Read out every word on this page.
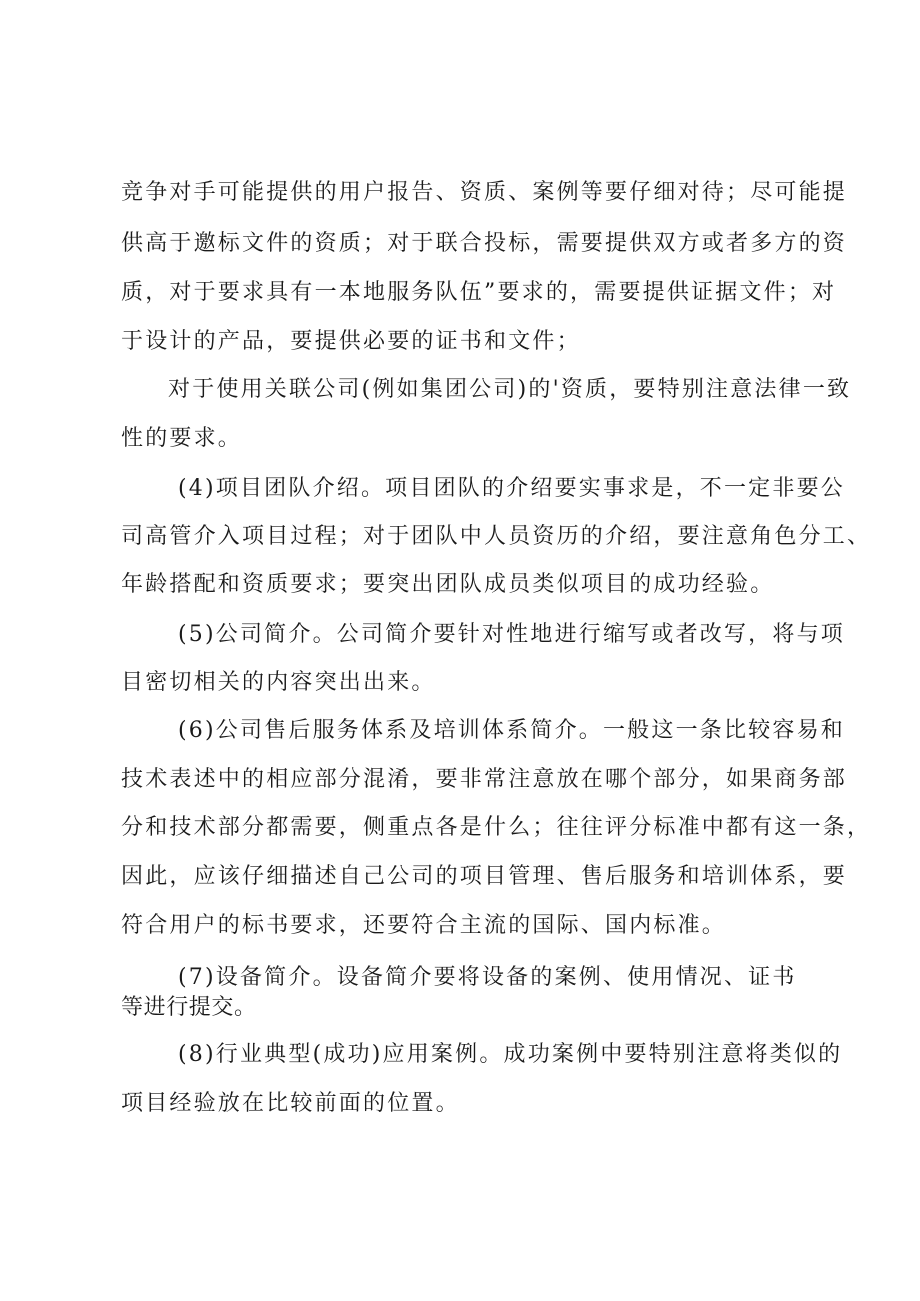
竞争对手可能提供的用户报告、资质、案例等要仔细对待；尽可能提
供高于邀标文件的资质；对于联合投标，需要提供双方或者多方的资
质，对于要求具有一本地服务队伍”要求的，需要提供证据文件；对
于设计的产品，要提供必要的证书和文件；
对于使用关联公司(例如集团公司)的'资质，要特别注意法律一致
性的要求。
(4)项目团队介绍。项目团队的介绍要实事求是，不一定非要公
司高管介入项目过程；对于团队中人员资历的介绍，要注意角色分工、
年龄搭配和资质要求；要突出团队成员类似项目的成功经验。
(5)公司简介。公司简介要针对性地进行缩写或者改写，将与项
目密切相关的内容突出出来。
(6)公司售后服务体系及培训体系简介。一般这一条比较容易和
技术表述中的相应部分混淆，要非常注意放在哪个部分，如果商务部
分和技术部分都需要，侧重点各是什么；往往评分标准中都有这一条，
因此，应该仔细描述自己公司的项目管理、售后服务和培训体系，要
符合用户的标书要求，还要符合主流的国际、国内标准。
(7)设备简介。设备简介要将设备的案例、使用情况、证书
等进行提交。
(8)行业典型(成功)应用案例。成功案例中要特别注意将类似的
项目经验放在比较前面的位置。
